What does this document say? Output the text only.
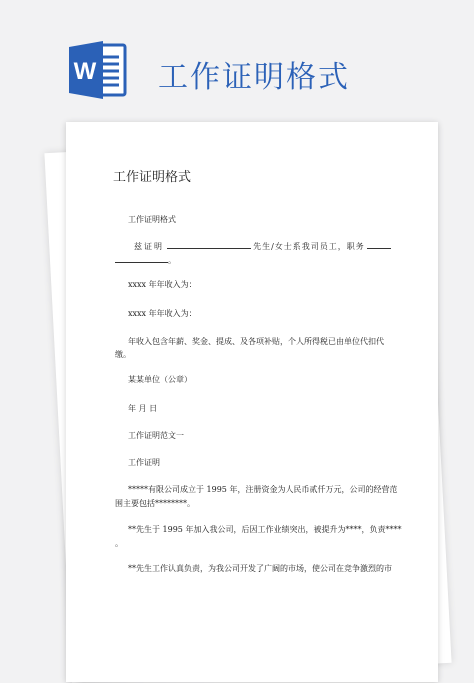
W 工作证明格式
工作证明格式
工作证明格式
兹证明	先生/女士系我司员工，职务
。
xxxx 年年收入为：
xxxx 年年收入为：
年收入包含年薪、奖金、提成、及各项补贴，个人所得税已由单位代扣代
缴。
某某单位（公章）
年 月 日
工作证明范文一
工作证明
*****有限公司成立于 1995 年，注册资金为人民币贰仟万元，公司的经营范
围主要包括********。
**先生于 1995 年加入我公司，后因工作业绩突出，被提升为****，负责****
。
**先生工作认真负责，为我公司开发了广阔的市场，使公司在竞争激烈的市
